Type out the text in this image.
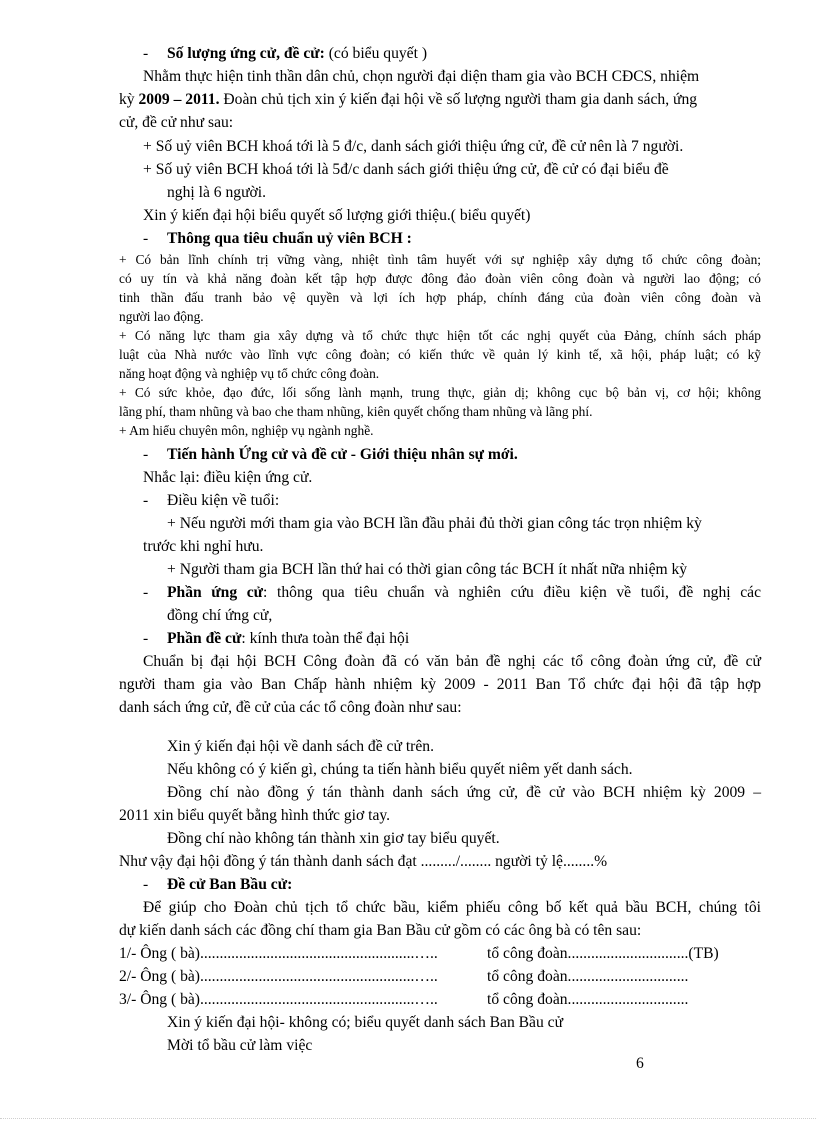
- Số lượng ứng cử, đề cử: (có biểu quyết )
Nhằm thực hiện tinh thần dân chủ, chọn người đại diện tham gia vào BCH CĐCS, nhiệm
kỳ 2009 – 2011. Đoàn chủ tịch xin ý kiến đại hội về số lượng người tham gia danh sách, ứng
cử, đề cử như sau:
+ Số uỷ viên BCH khoá tới là 5 đ/c, danh sách giới thiệu ứng cử, đề cử nên là 7 người.
+ Số uỷ viên BCH khoá tới là 5đ/c danh sách giới thiệu ứng cử, đề cử có đại biểu đề
nghị là 6 người.
Xin ý kiến đại hội biểu quyết số lượng giới thiệu.( biểu quyết)
- Thông qua tiêu chuẩn uỷ viên BCH :
+ Có bản lĩnh chính trị vững vàng, nhiệt tình tâm huyết với sự nghiệp xây dựng tổ chức công đoàn;
có uy tín và khả năng đoàn kết tập hợp được đông đảo đoàn viên công đoàn và người lao động; có
tinh thần đấu tranh bảo vệ quyền và lợi ích hợp pháp, chính đáng của đoàn viên công đoàn và
người lao động.
+ Có năng lực tham gia xây dựng và tổ chức thực hiện tốt các nghị quyết của Đảng, chính sách pháp
luật của Nhà nước vào lĩnh vực công đoàn; có kiến thức về quản lý kinh tế, xã hội, pháp luật; có kỹ
năng hoạt động và nghiệp vụ tổ chức công đoàn.
+ Có sức khỏe, đạo đức, lối sống lành mạnh, trung thực, giản dị; không cục bộ bản vị, cơ hội; không
lãng phí, tham nhũng và bao che tham nhũng, kiên quyết chống tham nhũng và lãng phí.
+ Am hiểu chuyên môn, nghiệp vụ ngành nghề.
- Tiến hành Ứng cử và đề cử - Giới thiệu nhân sự mới.
Nhắc lại: điều kiện ứng cử.
- Điều kiện về tuổi:
+ Nếu người mới tham gia vào BCH lần đầu phải đủ thời gian công tác trọn nhiệm kỳ
trước khi nghỉ hưu.
+ Người tham gia BCH lần thứ hai có thời gian công tác BCH ít nhất nữa nhiệm kỳ
- Phần ứng cử: thông qua tiêu chuẩn và nghiên cứu điều kiện về tuổi, đề nghị các
đồng chí ứng cử,
- Phần đề cử: kính thưa toàn thể đại hội
Chuẩn bị đại hội BCH Công đoàn đã có văn bản đề nghị các tổ công đoàn ứng cử, đề cử
người tham gia vào Ban Chấp hành nhiệm kỳ 2009 - 2011 Ban Tổ chức đại hội đã tập hợp
danh sách ứng cử, đề cử của các tổ công đoàn như sau:
Xin ý kiến đại hội về danh sách đề cử trên.
Nếu không có ý kiến gì, chúng ta tiến hành biểu quyết niêm yết danh sách.
Đồng chí nào đồng ý tán thành danh sách ứng cử, đề cử vào BCH nhiệm kỳ 2009 –
2011 xin biểu quyết bằng hình thức giơ tay.
Đồng chí nào không tán thành xin giơ tay biểu quyết.
Như vậy đại hội đồng ý tán thành danh sách đạt ........./........ người tỷ lệ........%
- Đề cử Ban Bầu cử:
Để giúp cho Đoàn chủ tịch tổ chức bầu, kiểm phiếu công bố kết quả bầu BCH, chúng tôi
dự kiến danh sách các đồng chí tham gia Ban Bầu cử gồm có các ông bà có tên sau:
1/- Ông ( bà).......................................................…..	tổ công đoàn...............................(TB)
2/- Ông ( bà).......................................................…..	tổ công đoàn...............................
3/- Ông ( bà).......................................................…..	tổ công đoàn...............................
Xin ý kiến đại hội- không có; biểu quyết danh sách Ban Bầu cử
Mời tổ bầu cử làm việc
6
